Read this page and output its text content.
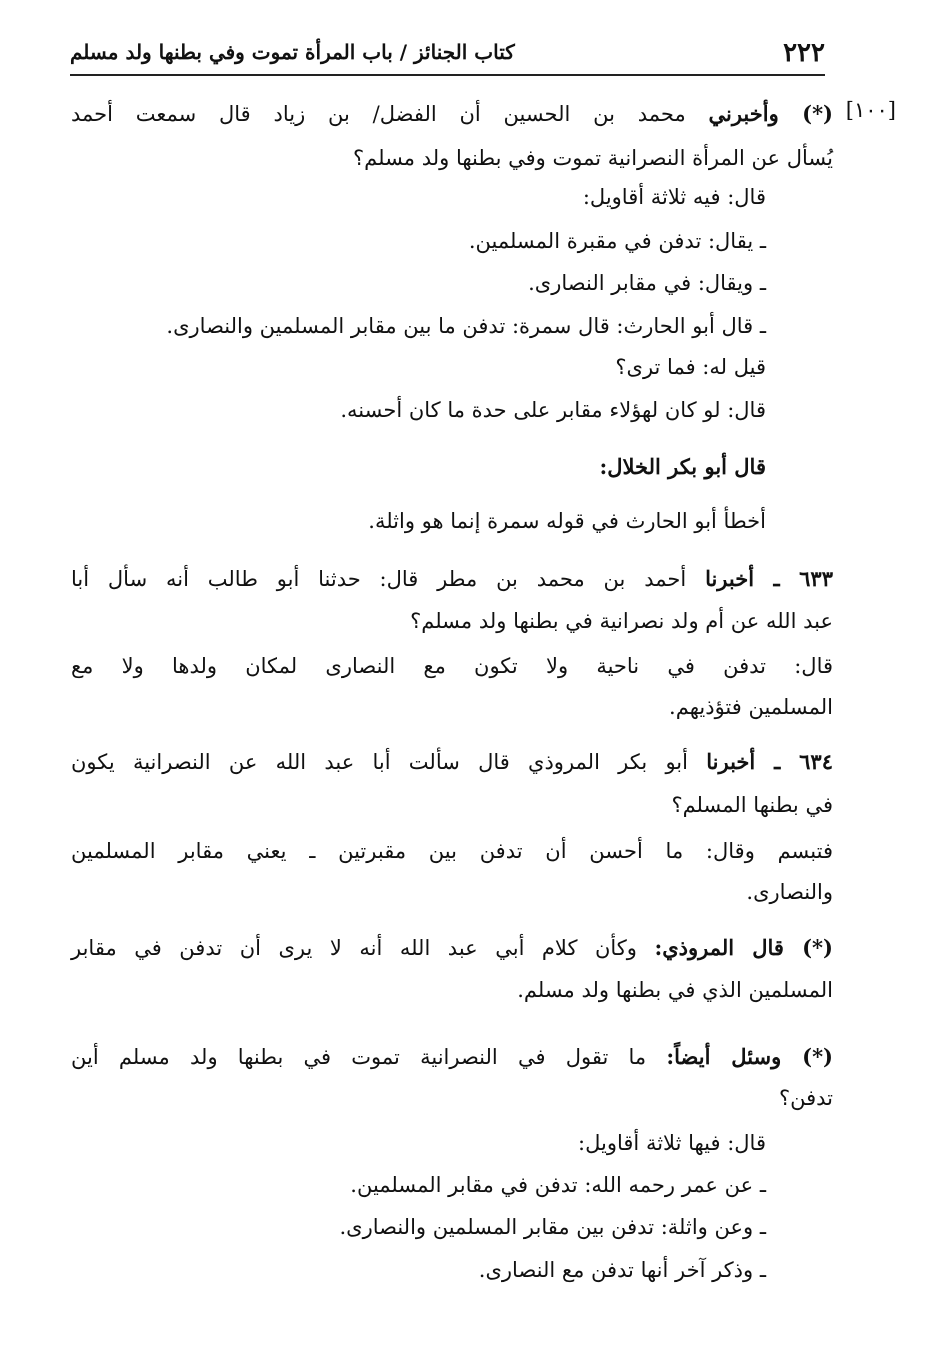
٢٢٢
كتاب الجنائز / باب المرأة تموت وفي بطنها ولد مسلم
[١٠٠]
(*) وأخبرني محمد بن الحسين أن الفضل/ بن زياد قال سمعت أحمد
يُسأل عن المرأة النصرانية تموت وفي بطنها ولد مسلم؟
قال: فيه ثلاثة أقاويل:
ـ يقال: تدفن في مقبرة المسلمين.
ـ ويقال: في مقابر النصارى.
ـ قال أبو الحارث: قال سمرة: تدفن ما بين مقابر المسلمين والنصارى.
قيل له: فما ترى؟
قال: لو كان لهؤلاء مقابر على حدة ما كان أحسنه.
قال أبو بكر الخلال:
أخطأ أبو الحارث في قوله سمرة إنما هو واثلة.
٦٣٣ ـ أخبرنا أحمد بن محمد بن مطر قال: حدثنا أبو طالب أنه سأل أبا
عبد الله عن أم ولد نصرانية في بطنها ولد مسلم؟
قال: تدفن في ناحية ولا تكون مع النصارى لمكان ولدها ولا مع
المسلمين فتؤذيهم.
٦٣٤ ـ أخبرنا أبو بكر المروذي قال سألت أبا عبد الله عن النصرانية يكون
في بطنها المسلم؟
فتبسم وقال: ما أحسن أن تدفن بين مقبرتين ـ يعني مقابر المسلمين
والنصارى.
(*) قال المروذي: وكأن كلام أبي عبد الله أنه لا يرى أن تدفن في مقابر
المسلمين الذي في بطنها ولد مسلم.
(*) وسئل أيضاً: ما تقول في النصرانية تموت في بطنها ولد مسلم أين
تدفن؟
قال: فيها ثلاثة أقاويل:
ـ عن عمر رحمه الله: تدفن في مقابر المسلمين.
ـ وعن واثلة: تدفن بين مقابر المسلمين والنصارى.
ـ وذكر آخر أنها تدفن مع النصارى.
